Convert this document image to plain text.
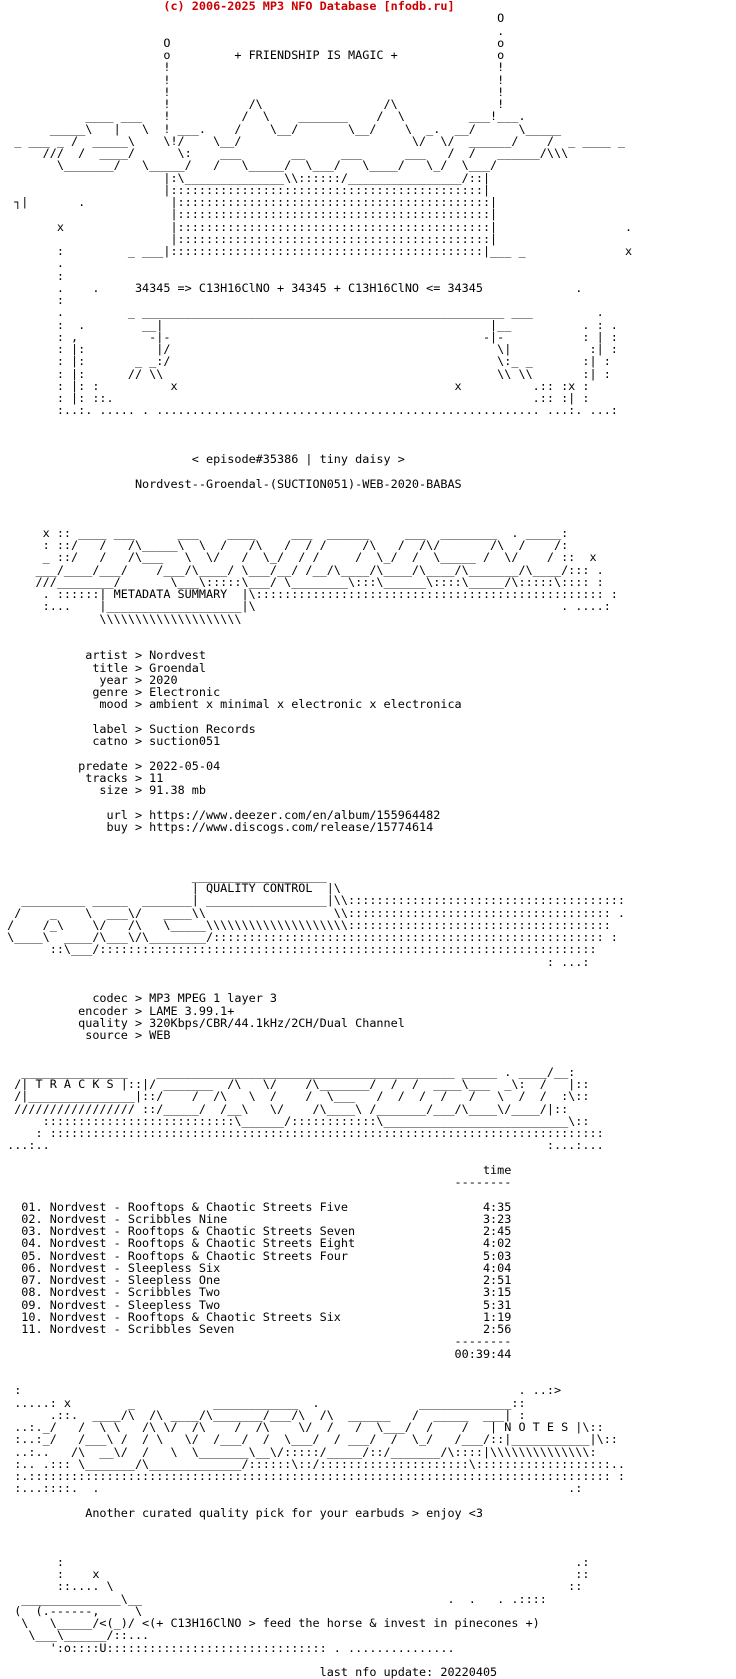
(c) 2006-2025 MP3 NFO Database [nfodb.ru]
O
.
O                                              o
o         + FRIENDSHIP IS MAGIC +              o
!                                              !
!                                              !
!                                              !
!           /\                 /\              !
____ ___   !          /  \    _______    /  \         ___!___.
_____\   |   \  ! ___.    /    \__/       \__/    \  _.  __/      \_____
_ ___ _ /  _____\    \!/    \__/                        \/  \/  ______/    /  _ ____ _
///  /  ____/      \:    ___       __     ___      ___   /  /   ______/\\\
\_______/   \_____/   /   \_____/  \___/   \____/   \_/  \___/
|:\______________\\::::::/________________/::|
|::::::::::::::::::::::::::::::::::::::::::::|
┐|       .            |::::::::::::::::::::::::::::::::::::::::::::|
|::::::::::::::::::::::::::::::::::::::::::::|
x               |::::::::::::::::::::::::::::::::::::::::::::|                  .
|::::::::::::::::::::::::::::::::::::::::::::|
:         _ ___|::::::::::::::::::::::::::::::::::::::::::::|___ _              x
.
:
.    .     34345 => C13H16ClNO + 34345 + C13H16ClNO <= 34345             .
:
.         _ ___________________________________________________ ___         .
:  .        __|                                              |__          . : .
: ,          -|-                                            -|-           : | :
: |:          |/                                              \|           :| :
: |:       _ _:/                                              \:_ _       :| :
: |:      // \\                                               \\ \\       :| :
: |: :          x                                       x          .:: :x :
: |: ::.                                                           .:: :| :
:..:. ..... . ...................................................... ...:. ...:

< episode#35386 | tiny daisy >

Nordvest--Groendal-(SUCTION051)-WEB-2020-BABAS

x :: ____ ___      ___    ____     ___  ______     ___  ________  . _____:
: ::/   /   /\_____\  \  /   /\   /  / /     /\   /  /\/       /\  /    /:
_ ::/   /   /\___   \  \/   /  \_/  / /     /  \_/  /  \_____ /  \/    / ::  x
___/____/___/    /___/\____/ \___/__/ /__/\____/\____/\____/\_______/\____/::: .
///________/       \___\:::::\___/ \________\:::\______\::::\_____/\:::::\:::: :
. ::::::| METADATA SUMMARY  |\::::::::::::::::::::::::::::::::::::::::::::::::: :
:...    |___________________|\                                           . ....:
\\\\\\\\\\\\\\\\\\\\

artist > Nordvest
title > Groendal
year > 2020
genre > Electronic
mood > ambient x minimal x electronic x electronica

label > Suction Records
catno > suction051

predate > 2022-05-04
tracks > 11
size > 91.38 mb

url > https://www.deezer.com/en/album/155964482
buy > https://www.discogs.com/release/15774614

___________________
| QUALITY CONTROL  |\
_________ _____  _______| _________________|\\:::::::::::::::::::::::::::::::::::::::
/    _    \  ___\/   ____\\                  \\::::::::::::::::::::::::::::::::::::: .
/    /_\    \/   /\   \_____\\\\\\\\\\\\\\\\\\\\:::::::::::::::::::::::::::::::::::::
\____\  ____/\___\/\________/::::::::::::::::::::::::::::::::::::::::::::::::::::::: :
::\___/::::::::::::::::::::::::::::::::::::::::::::::::::::::::::::::::::::::
: ...:

codec > MP3 MPEG 1 layer 3
encoder > LAME 3.99.1+
quality > 320Kbps/CBR/44.1kHz/2CH/Dual Channel
source > WEB

_______________    __________________________________________ _____ . ____/__:
/| T R A C K S |::|/ _______  /\   \/    /\_______/  /  /  ____\___  _\:  /   |::
/|_______________|::/    /  /\   \  /    /  \___   /  /  /  /   /   \  /  /  :\::
///////////////// ::/_____/  /__\   \/    /\____\ /_______/___/\____\/____/|::
:::::::::::::::::::::::::::\______/::::::::::::\__________________________\::
: ::::::::::::::::::::::::::::::::::::::::::::::::::::::::::::::::::::::::::::::
...:..                                                                      :...:...

time
--------

01. Nordvest - Rooftops & Chaotic Streets Five                   4:35
02. Nordvest - Scribbles Nine                                    3:23
03. Nordvest - Rooftops & Chaotic Streets Seven                  2:45
04. Nordvest - Rooftops & Chaotic Streets Eight                  4:02
05. Nordvest - Rooftops & Chaotic Streets Four                   5:03
06. Nordvest - Sleepless Six                                     4:04
07. Nordvest - Sleepless One                                     2:51
08. Nordvest - Scribbles Two                                     3:15
09. Nordvest - Sleepless Two                                     5:31
10. Nordvest - Rooftops & Chaotic Streets Six                    1:19
11. Nordvest - Scribbles Seven                                   2:56
--------
00:39:44

:                                                                      . ..:>
.....: x        _           ____________  .              _____________::
.::.  ____/\  /\ ____/\_______/___/\  /\  ______   /  _____  ___| :
..:._/   /  \ \   /\ \/  /\    /  /\    \/  /   /  \___/  /    /   | N O T E S |\::
:..:_/   /___\ /  / \   \/  /___/  /  \___/  / ___/  /  \_/   /___/::|___________|\::
..:..   /\  __\/  /   \  \_______\__\/:::::/_____/::/_______/\::::|\\\\\\\\\\\\\\:
:.. .::: \_______/\_____________/::::::\::/:::::::::::::::::::::\:::::::::::::::::::..
:.:::::::::::::::::::::::::::::::::::::::::::::::::::::::::::::::::::::::::::::::::: :
:...::::.  .                                                                  .:

Another curated quality pick for your earbuds > enjoy <3

:                                                                        .:
:    x                                                                   ::
::.... \                                                                ::
______________\__                                           .  .   . .::::
(  (.------,     \
\   \_____/<(_)/ <(+ C13H16ClNO > feed the horse & invest in pinecones +)
\___\______/::...
':o::::U::::::::::::::::::::::::::::::: . ...............

last nfo update: 20220405
